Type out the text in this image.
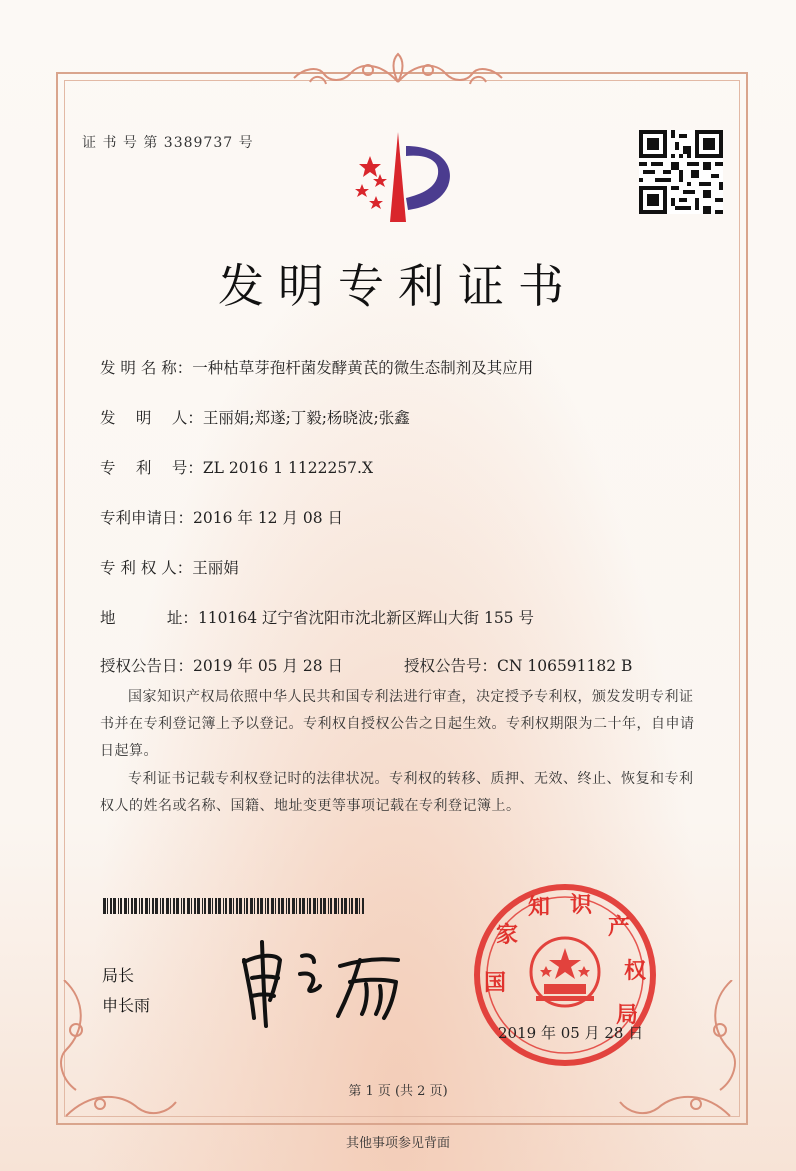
证 书 号 第 3389737 号
发明专利证书
发 明 名 称：一种枯草芽孢杆菌发酵黄芪的微生态制剂及其应用
发　 明　 人：王丽娟;郑遂;丁毅;杨晓波;张鑫
专　 利　 号：ZL 2016 1 1122257.X
专利申请日：2016 年 12 月 08 日
专 利 权 人：王丽娟
地　　　 址：110164 辽宁省沈阳市沈北新区辉山大街 155 号
授权公告日：2019 年 05 月 28 日	授权公告号：CN 106591182 B
国家知识产权局依照中华人民共和国专利法进行审查，决定授予专利权，颁发发明专利证书并在专利登记簿上予以登记。专利权自授权公告之日起生效。专利权期限为二十年，自申请日起算。
专利证书记载专利权登记时的法律状况。专利权的转移、质押、无效、终止、恢复和专利权人的姓名或名称、国籍、地址变更等事项记载在专利登记簿上。
局长
申长雨
国
家
知 识
产
权
局
2019 年 05 月 28 日
第 1 页 (共 2 页)
其他事项参见背面
